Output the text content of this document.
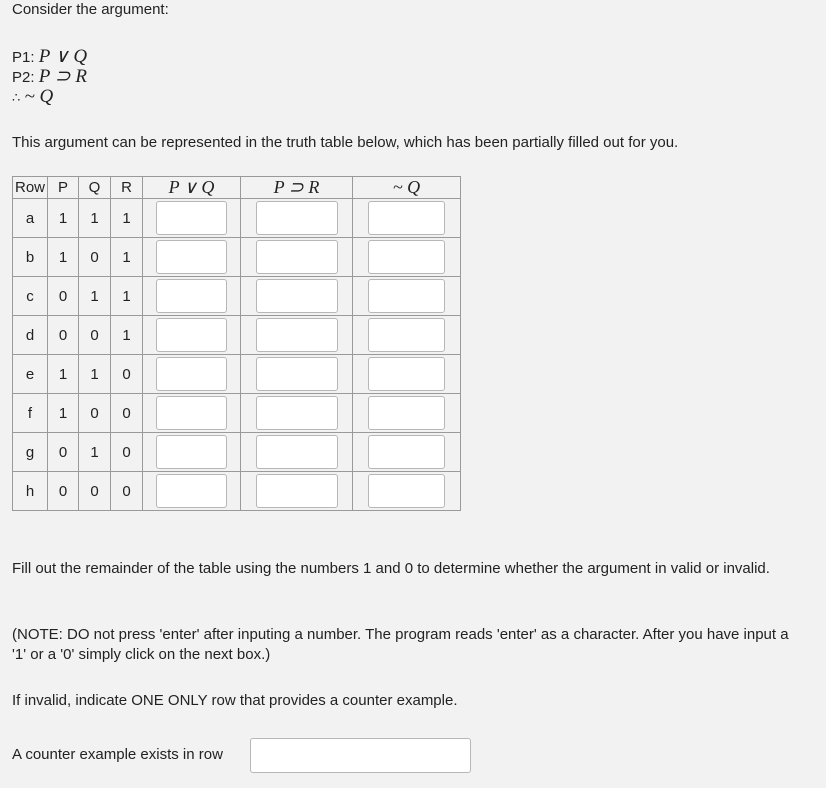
Consider the argument:
P1: P ∨ Q
P2: P ⊃ R
∴ ~ Q
This argument can be represented in the truth table below, which has been partially filled out for you.
Row	P	Q	R	P ∨ Q	P ⊃ R	~ Q
a	1	1	1	

b	1	0	1	

c	0	1	1	

d	0	0	1	

e	1	1	0	

f	1	0	0	

g	0	1	0	

h	0	0	0	

Fill out the remainder of the table using the numbers 1 and 0 to determine whether the argument in valid or invalid.
(NOTE: DO not press 'enter' after inputing a number. The program reads 'enter' as a character. After you have input a '1' or a '0' simply click on the next box.)
If invalid, indicate ONE ONLY row that provides a counter example.
A counter example exists in row
